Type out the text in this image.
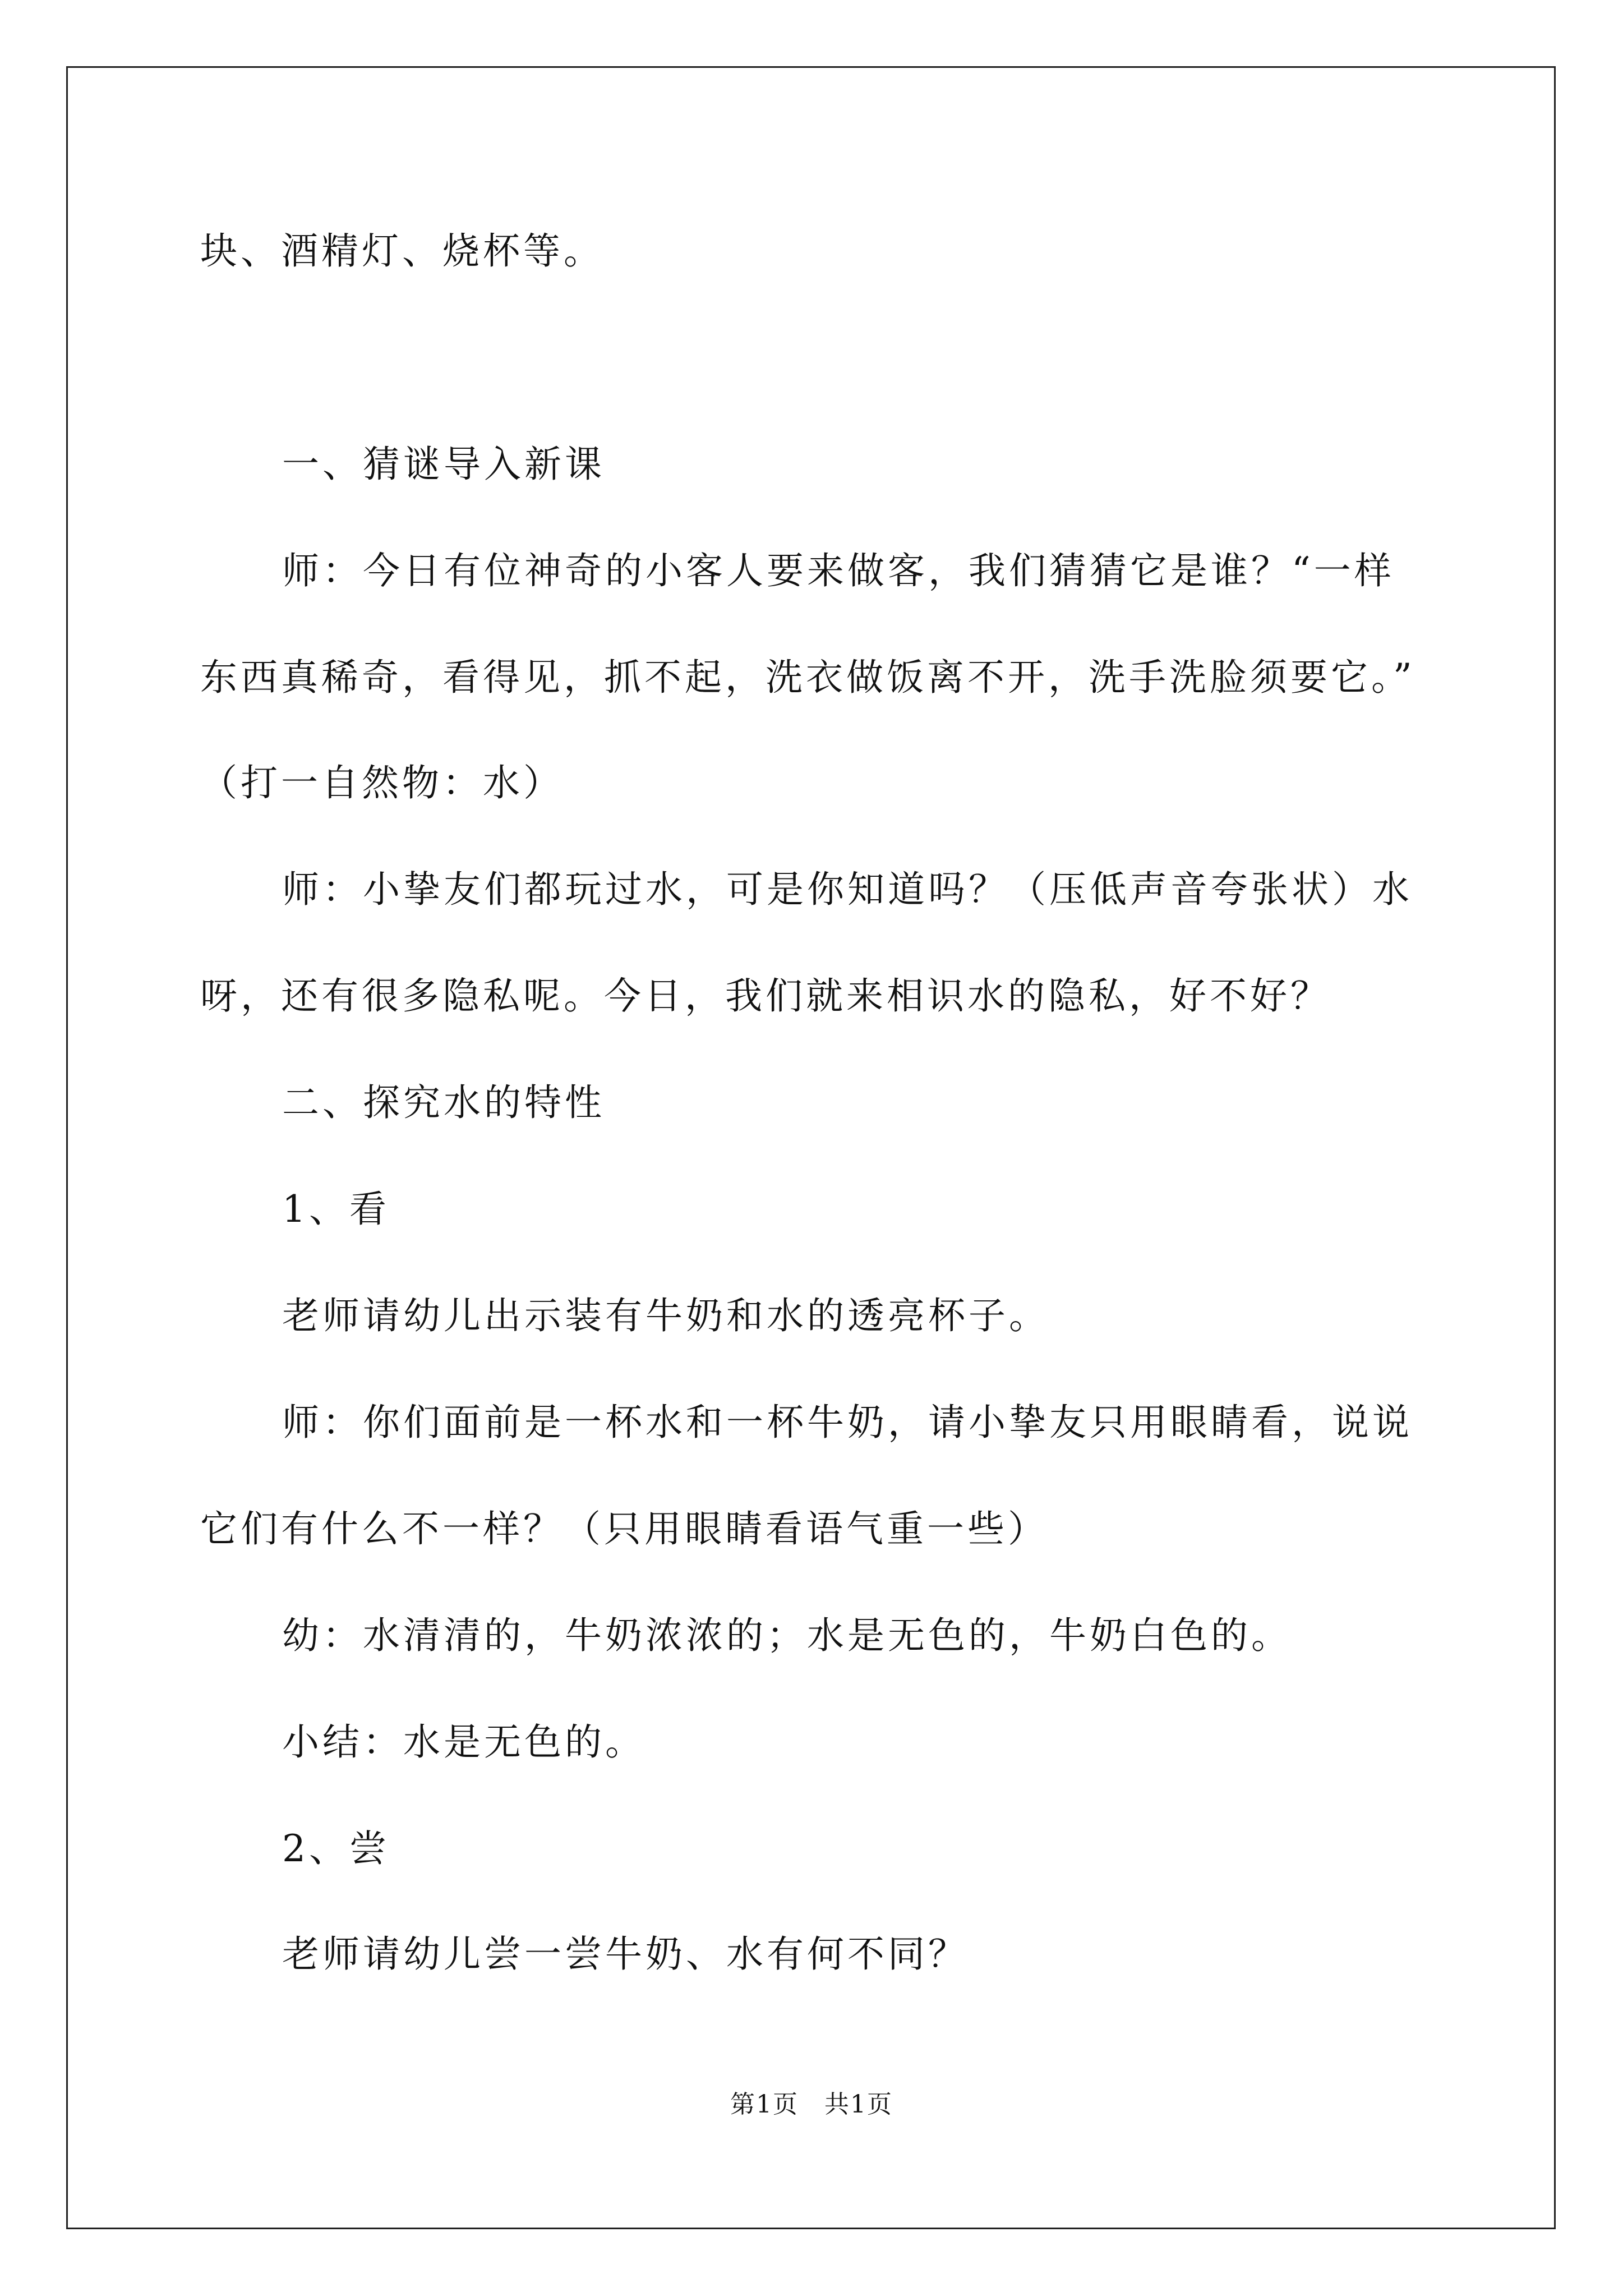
块、酒精灯、烧杯等。
一、猜谜导入新课
师：今日有位神奇的小客人要来做客，我们猜猜它是谁？“一样
东西真稀奇，看得见，抓不起，洗衣做饭离不开，洗手洗脸须要它。”
（打一自然物：水）
师：小挚友们都玩过水，可是你知道吗？（压低声音夸张状）水
呀，还有很多隐私呢。今日，我们就来相识水的隐私，好不好？
二、探究水的特性
1、看
老师请幼儿出示装有牛奶和水的透亮杯子。
师：你们面前是一杯水和一杯牛奶，请小挚友只用眼睛看，说说
它们有什么不一样？（只用眼睛看语气重一些）
幼：水清清的，牛奶浓浓的；水是无色的，牛奶白色的。
小结：水是无色的。
2、尝
老师请幼儿尝一尝牛奶、水有何不同？
第1页　共1页
